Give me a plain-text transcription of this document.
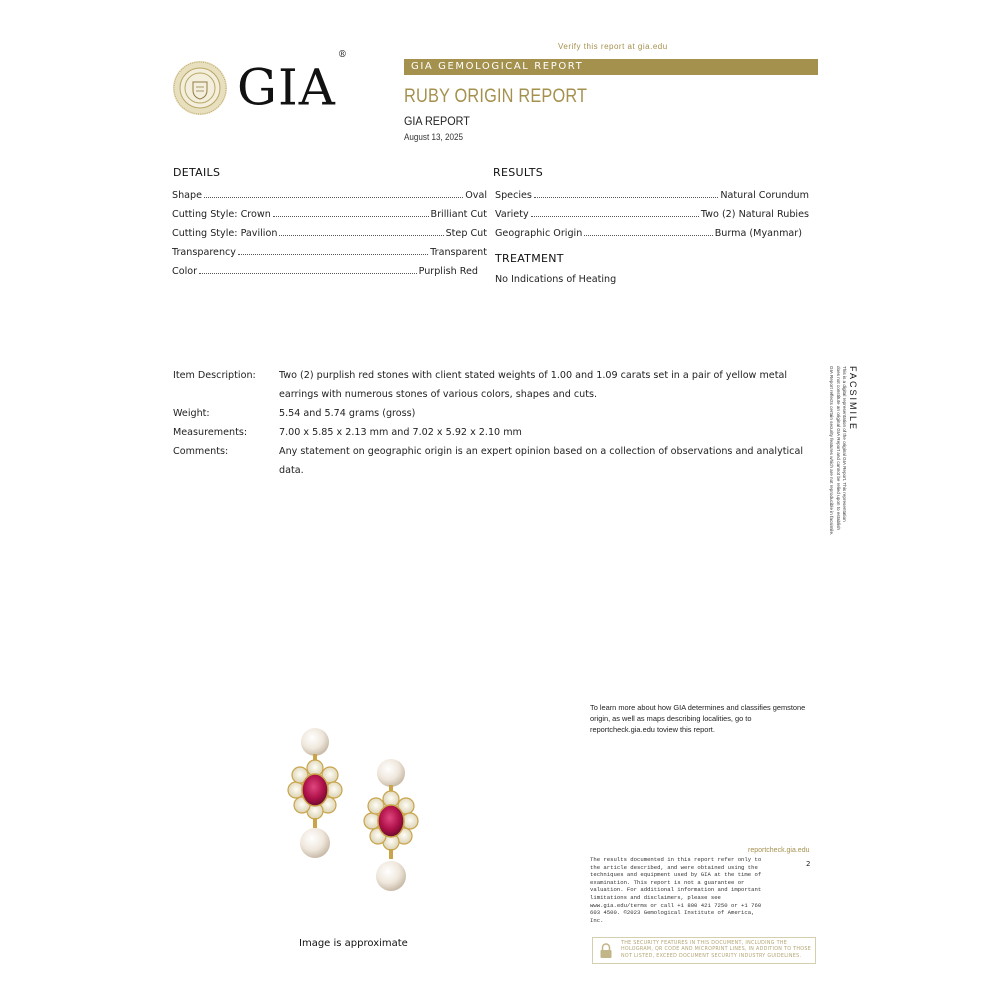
Verify this report at gia.edu
GIA®
GIA GEMOLOGICAL REPORT
RUBY ORIGIN REPORT
GIA REPORT
August 13, 2025
DETAILS
Shape	Oval
Cutting Style: Crown	Brilliant Cut
Cutting Style: Pavilion	Step Cut
Transparency	Transparent
Color	Purplish Red
RESULTS
Species	Natural Corundum
Variety	Two (2) Natural Rubies
Geographic Origin	Burma (Myanmar)
TREATMENT
No Indications of Heating
Item Description: Two (2) purplish red stones with client stated weights of 1.00 and 1.09 carats set in a pair of yellow metal earrings with numerous stones of various colors, shapes and cuts.
Weight:	5.54 and 5.74 grams (gross)
Measurements:	7.00 x 5.85 x 2.13 mm and 7.02 x 5.92 x 2.10 mm
Comments:	Any statement on geographic origin is an expert opinion based on a collection of observations and analytical data.
FACSIMILE
This is a digital representation of the original GIA Report. This representation
does not constitute an original GIA Report and cannot be relied upon to establish
GIA Report reflects certain security features which are not reproducible in facsimile.
Image is approximate
To learn more about how GIA determines and classifies gemstone origin, as well as maps describing localities, go to reportcheck.gia.edu toview this report.
reportcheck.gia.edu
2
The results documented in this report refer only to the article described, and were obtained using the techniques and equipment used by GIA at the time of examination. This report is not a guarantee or valuation. For additional information and important limitations and disclaimers, please see www.gia.edu/terms or call +1 800 421 7250 or +1 760 603 4500. ©2023 Gemological Institute of America, Inc.
THE SECURITY FEATURES IN THIS DOCUMENT, INCLUDING THE HOLOGRAM, QR CODE AND MICROPRINT LINES, IN ADDITION TO THOSE
NOT LISTED, EXCEED DOCUMENT SECURITY INDUSTRY GUIDELINES.
